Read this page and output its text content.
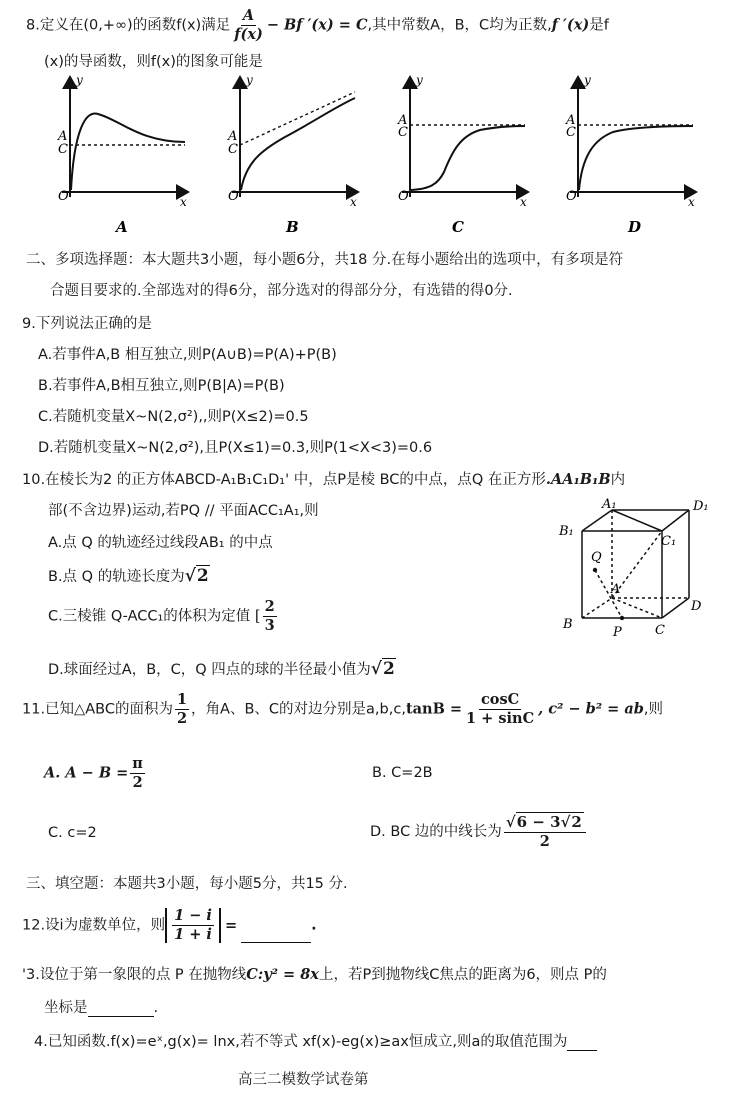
8.定义在(0,+∞)的函数f(x)满足 $\frac{A}{f(x)} - Bf$ ′(x) = C,其中常数A，B，C均为正数,f ′(x)是f
(x)的导函数，则f(x)的图象可能是
y
x
O
A
C
A
y
x
O
A
C
B
y
x
O
A
C
C
y
x
O
A
C
D
二、多项选择题：本大题共3小题，每小题6分，共18 分.在每小题给出的选项中，有多项是符
合题目要求的.全部选对的得6分，部分选对的得部分分，有选错的得0分.
9.下列说法正确的是
A.若事件A,B 相互独立,则P(A∪B)=P(A)+P(B)
B.若事件A,B相互独立,则P(B|A)=P(B)
C.若随机变量X~N(2,σ²),,则P(X≤2)=0.5
D.若随机变量X~N(2,σ²),且P(X≤1)=0.3,则P(1<X<3)=0.6
10.在棱长为2 的正方体ABCD-A₁B₁C₁D₁' 中，点P是棱 BC的中点，点Q 在正方形.AA₁B₁B内
部(不含边界)运动,若PQ // 平面ACC₁A₁,则
A.点 Q 的轨迹经过线段AB₁ 的中点
B.点 Q 的轨迹长度为√2
C.三棱锥 Q-ACC₁的体积为定值 [ $\frac{2}{3}$
D.球面经过A，B，C，Q 四点的球的半径最小值为√2
A₁	D₁
B₁
C₁
Q
A
D
B
P	C
11.已知△ABC的面积为 $\frac{1}{2}$ ，角A、B、C的对边分别是$a,b,c,\tan B = \frac{\cos C}{1 + \sin C}$ , c² − b² = ab,则
A. $A - B = \frac{\pi}{2}$	B. C=2B
C. c=2	D. BC 边的中线长为 $\frac{√6 - 3√2}{2}$
三、填空题：本题共3小题，每小题5分，共15 分.
12.设i为虚数单位，则 $\frac{1 - i}{1 + i}$ =	.
'3.设位于第一象限的点 P 在抛物线C:y² = 8x上，若P到抛物线C焦点的距离为6，则点 P的
坐标是	.
4.已知函数.f(x)=eˣ,g(x)= lnx,若不等式 xf(x)-eg(x)≥ax恒成立,则a的取值范围为
高三二模数学试卷第
